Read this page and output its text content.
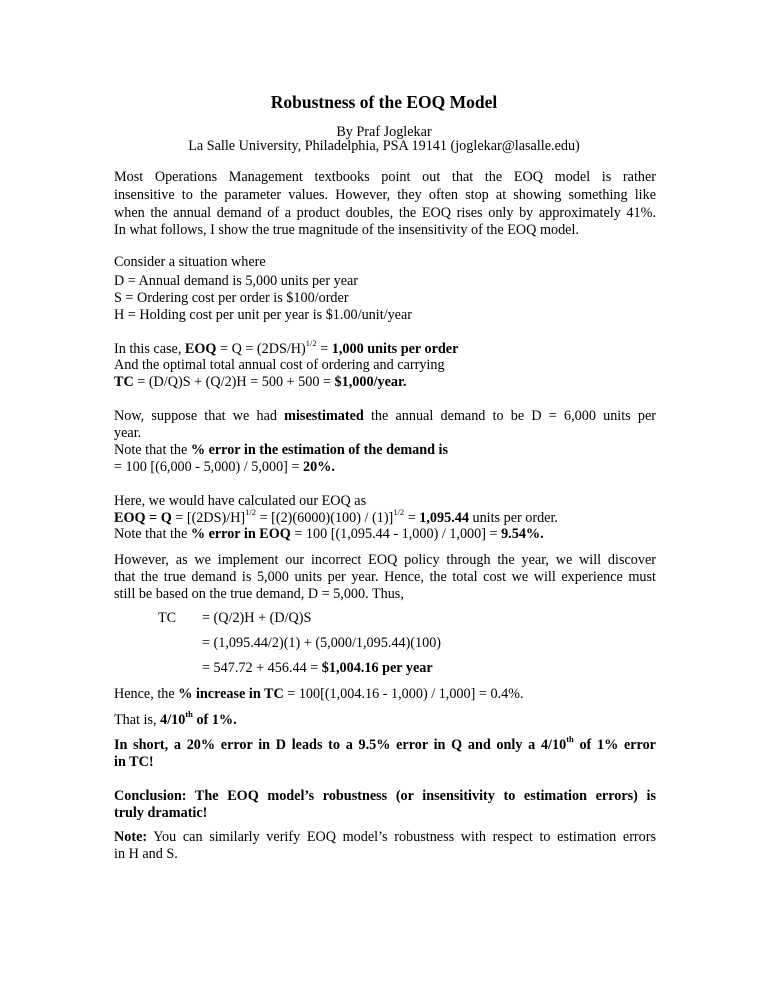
Robustness of the EOQ Model
By Praf Joglekar
La Salle University, Philadelphia, PSA 19141 (joglekar@lasalle.edu)
Most Operations Management textbooks point out that the EOQ model is rather
insensitive to the parameter values. However, they often stop at showing something like
when the annual demand of a product doubles, the EOQ rises only by approximately 41%.
In what follows, I show the true magnitude of the insensitivity of the EOQ model.
Consider a situation where
D = Annual demand is 5,000 units per year
S = Ordering cost per order is $100/order
H = Holding cost per unit per year is $1.00/unit/year
In this case, EOQ = $Q = (2DS/H)^{1/2} = 1,000$ units per order
And the optimal total annual cost of ordering and carrying
TC = (D/Q)S + (Q/2)H = 500 + 500 = $1,000/year.
Now, suppose that we had misestimated the annual demand to be D = 6,000 units per
year.
Note that the % error in the estimation of the demand is
= 100 [(6,000 - 5,000) / 5,000] = 20%.
Here, we would have calculated our EOQ as
EOQ = $Q = [(2DS)/H]^{1/2} = [(2)(6000)(100) / (1)]^{1/2} = 1,095.44$ units per order.
Note that the % error in EOQ = 100 [(1,095.44 - 1,000) / 1,000] = 9.54%.
However, as we implement our incorrect EOQ policy through the year, we will discover
that the true demand is 5,000 units per year. Hence, the total cost we will experience must
still be based on the true demand, D = 5,000. Thus,
TC = (Q/2)H + (D/Q)S
= (1,095.44/2)(1) + (5,000/1,095.44)(100)
= 547.72 + 456.44 = $1,004.16 per year
Hence, the % increase in TC = 100[(1,004.16 - 1,000) / 1,000] = 0.4%.
That is, 4/10th of 1%.
In short, a 20% error in D leads to a 9.5% error in Q and only a 4/10th of 1% error
in TC!
Conclusion: The EOQ model’s robustness (or insensitivity to estimation errors) is
truly dramatic!
Note: You can similarly verify EOQ model’s robustness with respect to estimation errors
in H and S.
